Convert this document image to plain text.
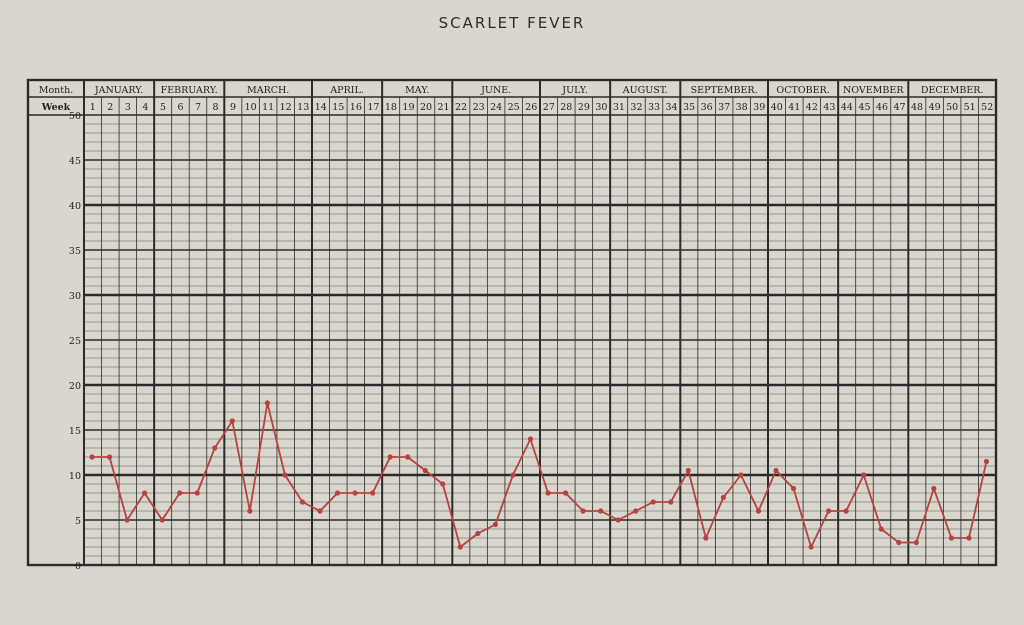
SCARLET FEVER
JANUARY. FEBRUARY.	MARCH.	APRIL.	MAY.	JUNE.	JULY.	AUGUST. SEPTEMBER. OCTOBER. NOVEMBER DECEMBER.
1 2 3 4 5 6 7 8 9 10 11 12 13 14 15 16 17 18 19 20 21 22 23 24 25 26 27 28 29 30 31 32 33 34 35 36 37 38 39 40 41 42 43 44 45 46 47 48 49 50 51 52
Month.
Week
0
5
10
15
20
25
30
35
40
45
50
